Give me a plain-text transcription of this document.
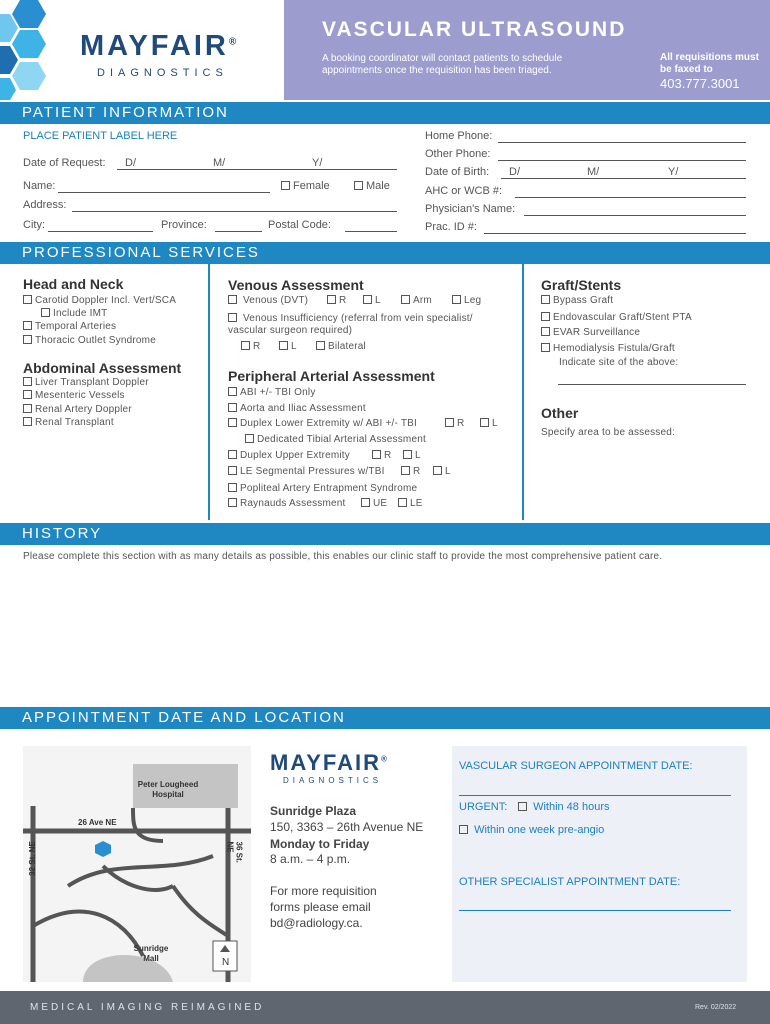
MAYFAIR®
DIAGNOSTICS
VASCULAR ULTRASOUND
A booking coordinator will contact patients to schedule appointments once the requisition has been triaged.
All requisitions must be faxed to
403.777.3001
PATIENT INFORMATION
PLACE PATIENT LABEL HERE
Date of Request: D/	M/	Y/
Name:	Female	Male
Address:
City:	Province:	Postal Code:
Home Phone:
Other Phone:
Date of Birth: D/	M/	Y/
AHC or WCB #:
Physician's Name:
Prac. ID #:
PROFESSIONAL SERVICES
Head and Neck
Carotid Doppler Incl. Vert/SCA
Include IMT
Temporal Arteries
Thoracic Outlet Syndrome
Abdominal Assessment
Liver Transplant Doppler
Mesenteric Vessels
Renal Artery Doppler
Renal Transplant
Venous Assessment
Venous (DVT)	R	L	Arm	Leg
Venous Insufficiency (referral from vein specialist/
vascular surgeon required)
R	L	Bilateral
Peripheral Arterial Assessment
ABI +/- TBI Only
Aorta and Iliac Assessment
Duplex Lower Extremity w/ ABI +/- TBI	R	L
Dedicated Tibial Arterial Assessment
Duplex Upper Extremity	R	L
LE Segmental Pressures w/TBI	R	L
Popliteal Artery Entrapment Syndrome
Raynauds Assessment	UE	LE
Graft/Stents
Bypass Graft
Endovascular Graft/Stent PTA
EVAR Surveillance
Hemodialysis Fistula/Graft
Indicate site of the above:
Other
Specify area to be assessed:
HISTORY
Please complete this section with as many details as possible, this enables our clinic staff to provide the most comprehensive patient care.
APPOINTMENT DATE AND LOCATION
Peter Lougheed
Hospital
26 Ave NE
32 St. NE	36 St. NE
Sunridge
Mall	N
MAYFAIR®
DIAGNOSTICS
Sunridge Plaza
150, 3363 – 26th Avenue NE
Monday to Friday
8 a.m. – 4 p.m.
For more requisition
forms please email
bd@radiology.ca.
VASCULAR SURGEON APPOINTMENT DATE:
URGENT:	Within 48 hours
Within one week pre-angio
OTHER SPECIALIST APPOINTMENT DATE:
MEDICAL IMAGING REIMAGINED	Rev. 02/2022
